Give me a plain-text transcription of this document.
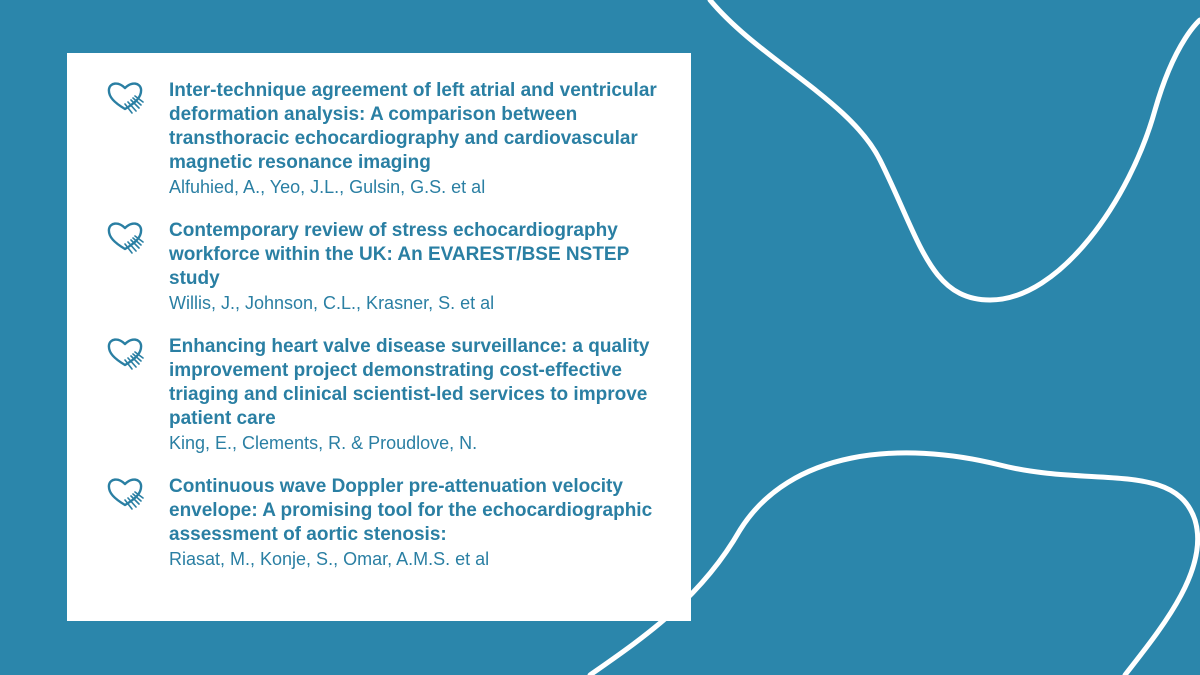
Inter-technique agreement of left atrial and ventricular deformation analysis: A comparison between transthoracic echocardiography and cardiovascular magnetic resonance imaging

Alfuhied, A., Yeo, J.L., Gulsin, G.S. et al

Contemporary review of stress echocardiography workforce within the UK: An EVAREST/BSE NSTEP study

Willis, J., Johnson, C.L., Krasner, S. et al

Enhancing heart valve disease surveillance: a quality improvement project demonstrating cost-effective triaging and clinical scientist-led services to improve patient care

King, E., Clements, R. & Proudlove, N.

Continuous wave Doppler pre-attenuation velocity envelope: A promising tool for the echocardiographic assessment of aortic stenosis:

Riasat, M., Konje, S., Omar, A.M.S. et al
